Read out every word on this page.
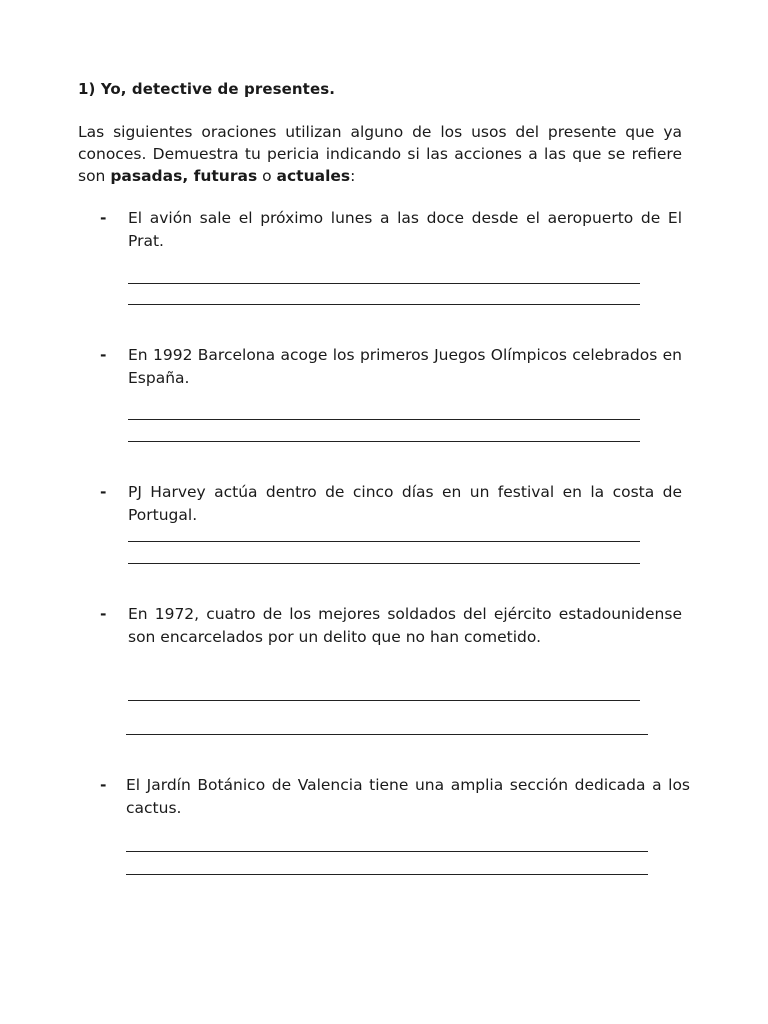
1) Yo, detective de presentes.
Las siguientes oraciones utilizan alguno de los usos del presente que ya conoces. Demuestra tu pericia indicando si las acciones a las que se refiere son pasadas, futuras o actuales:
- El avión sale el próximo lunes a las doce desde el aeropuerto de El Prat.
- En 1992 Barcelona acoge los primeros Juegos Olímpicos celebrados en España.
- PJ Harvey actúa dentro de cinco días en un festival en la costa de Portugal.
- En 1972, cuatro de los mejores soldados del ejército estadounidense son encarcelados por un delito que no han cometido.
- El Jardín Botánico de Valencia tiene una amplia sección dedicada a los cactus.
